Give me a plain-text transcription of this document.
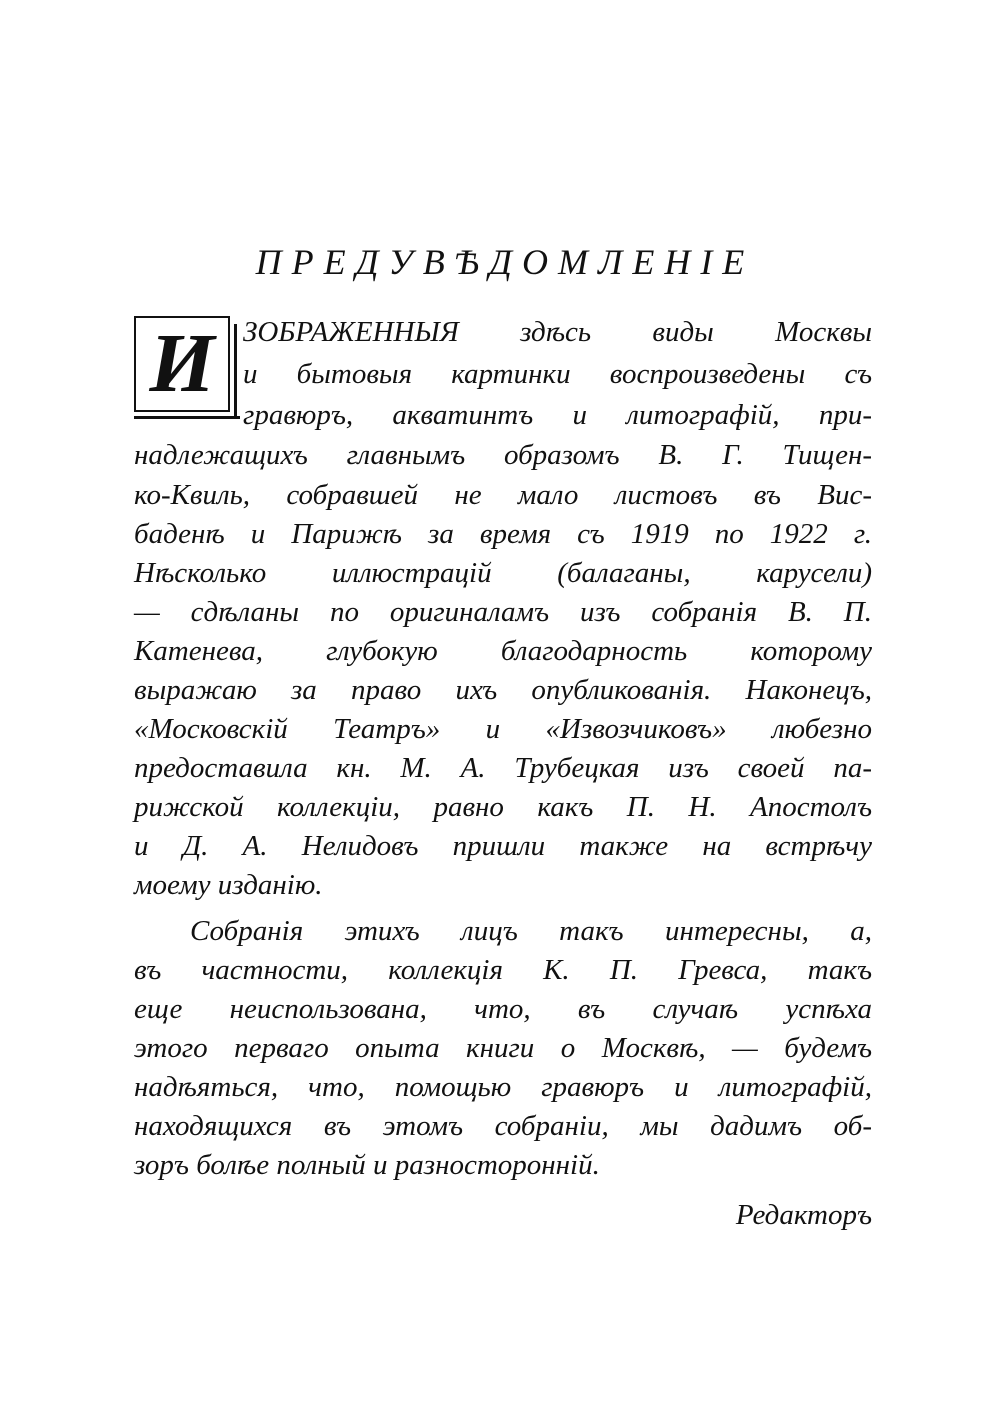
ПРЕДУВѢДОМЛЕНІЕ
И ЗОБРАЖЕННЫЯ здѣсь виды Москвы
и бытовыя картинки воспроизведены съ
гравюръ, акватинтъ и литографій, при-
надлежащихъ главнымъ образомъ В. Г. Тищен-
ко-Квиль, собравшей не мало листовъ въ Вис-
баденѣ и Парижѣ за время съ 1919 по 1922 г.
Нѣсколько иллюстрацій (балаганы, карусели)
— сдѣланы по оригиналамъ изъ собранія В. П.
Катенева, глубокую благодарность которому
выражаю за право ихъ опубликованія. Наконецъ,
«Московскій Театръ» и «Извозчиковъ» любезно
предоставила кн. М. А. Трубецкая изъ своей па-
рижской коллекціи, равно какъ П. Н. Апостолъ
и Д. А. Нелидовъ пришли также на встрѣчу
моему изданію.
Собранія этихъ лицъ такъ интересны, а,
въ частности, коллекція К. П. Гревса, такъ
еще неиспользована, что, въ случаѣ успѣха
этого перваго опыта книги о Москвѣ, — будемъ
надѣяться, что, помощью гравюръ и литографій,
находящихся въ этомъ собраніи, мы дадимъ об-
зоръ болѣе полный и разносторонній.
Редакторъ
